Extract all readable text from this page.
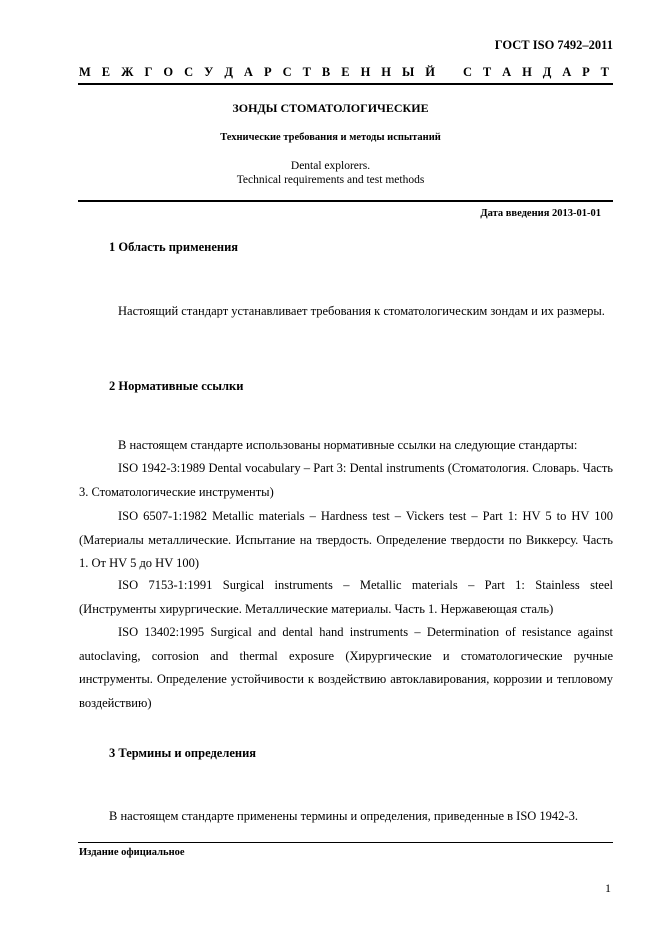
ГОСТ ISO 7492–2011
М Е Ж Г О С У Д А Р С Т В Е Н Н Ы Й С Т А Н Д А Р Т
ЗОНДЫ СТОМАТОЛОГИЧЕСКИЕ
Технические требования и методы испытаний
Dental explorers.
Technical requirements and test methods
Дата введения 2013-01-01
1 Область применения
Настоящий стандарт устанавливает требования к стоматологическим зондам и их размеры.
2 Нормативные ссылки
В настоящем стандарте использованы нормативные ссылки на следующие стандарты:
ISO 1942-3:1989 Dental vocabulary – Part 3: Dental instruments (Стоматология. Словарь. Часть 3. Стоматологические инструменты)
ISO 6507-1:1982 Metallic materials – Hardness test – Vickers test – Part 1: HV 5 to HV 100 (Материалы металлические. Испытание на твердость. Определение твердости по Виккерсу. Часть 1. От HV 5 до HV 100)
ISO 7153-1:1991 Surgical instruments – Metallic materials – Part 1: Stainless steel (Инструменты хирургические. Металлические материалы. Часть 1. Нержавеющая сталь)
ISO 13402:1995 Surgical and dental hand instruments – Determination of resistance against autoclaving, corrosion and thermal exposure (Хирургические и стоматологические ручные инструменты. Определение устойчивости к воздействию автоклавирования, коррозии и тепловому воздействию)
3 Термины и определения
В настоящем стандарте применены термины и определения, приведенные в ISO 1942-3.
Издание официальное
1
